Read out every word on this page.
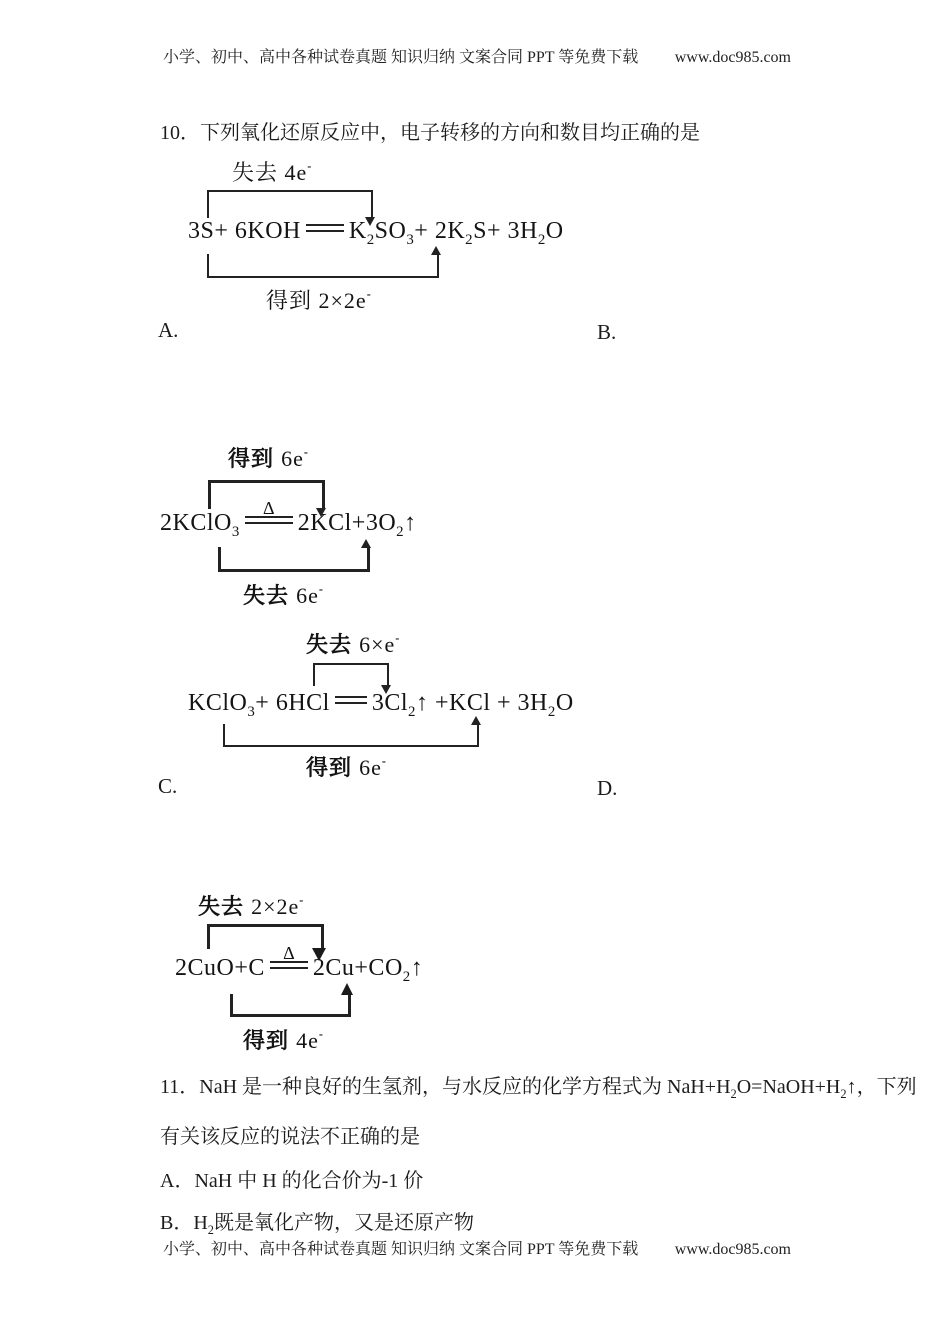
小学、初中、高中各种试卷真题 知识归纳 文案合同 PPT 等免费下载 www.doc985.com
10．下列氧化还原反应中，电子转移的方向和数目均正确的是
失去 4e-
3S+ 6KOH $K_2SO_3+ 2K_2S+ 3H_2O$
得到 2×2e-
A.	B.
得到 6e-
2KClO$_3$
Δ
$2KCl+3O_2↑$
失去 6e-
失去 6×e-
KClO$_3$+ 6HCl $3Cl_2↑ +KCl + 3H_2O$
得到 6e-
C.	D.
失去 2×2e-
2CuO+C
Δ
$2Cu+CO_2↑$
得到 4e-
11．NaH 是一种良好的生氢剂，与水反应的化学方程式为 $NaH+H_2O=NaOH+H_2↑$，下列
有关该反应的说法不正确的是
A．NaH 中 H 的化合价为-1 价
B．$H_2$既是氧化产物，又是还原产物
小学、初中、高中各种试卷真题 知识归纳 文案合同 PPT 等免费下载 www.doc985.com
